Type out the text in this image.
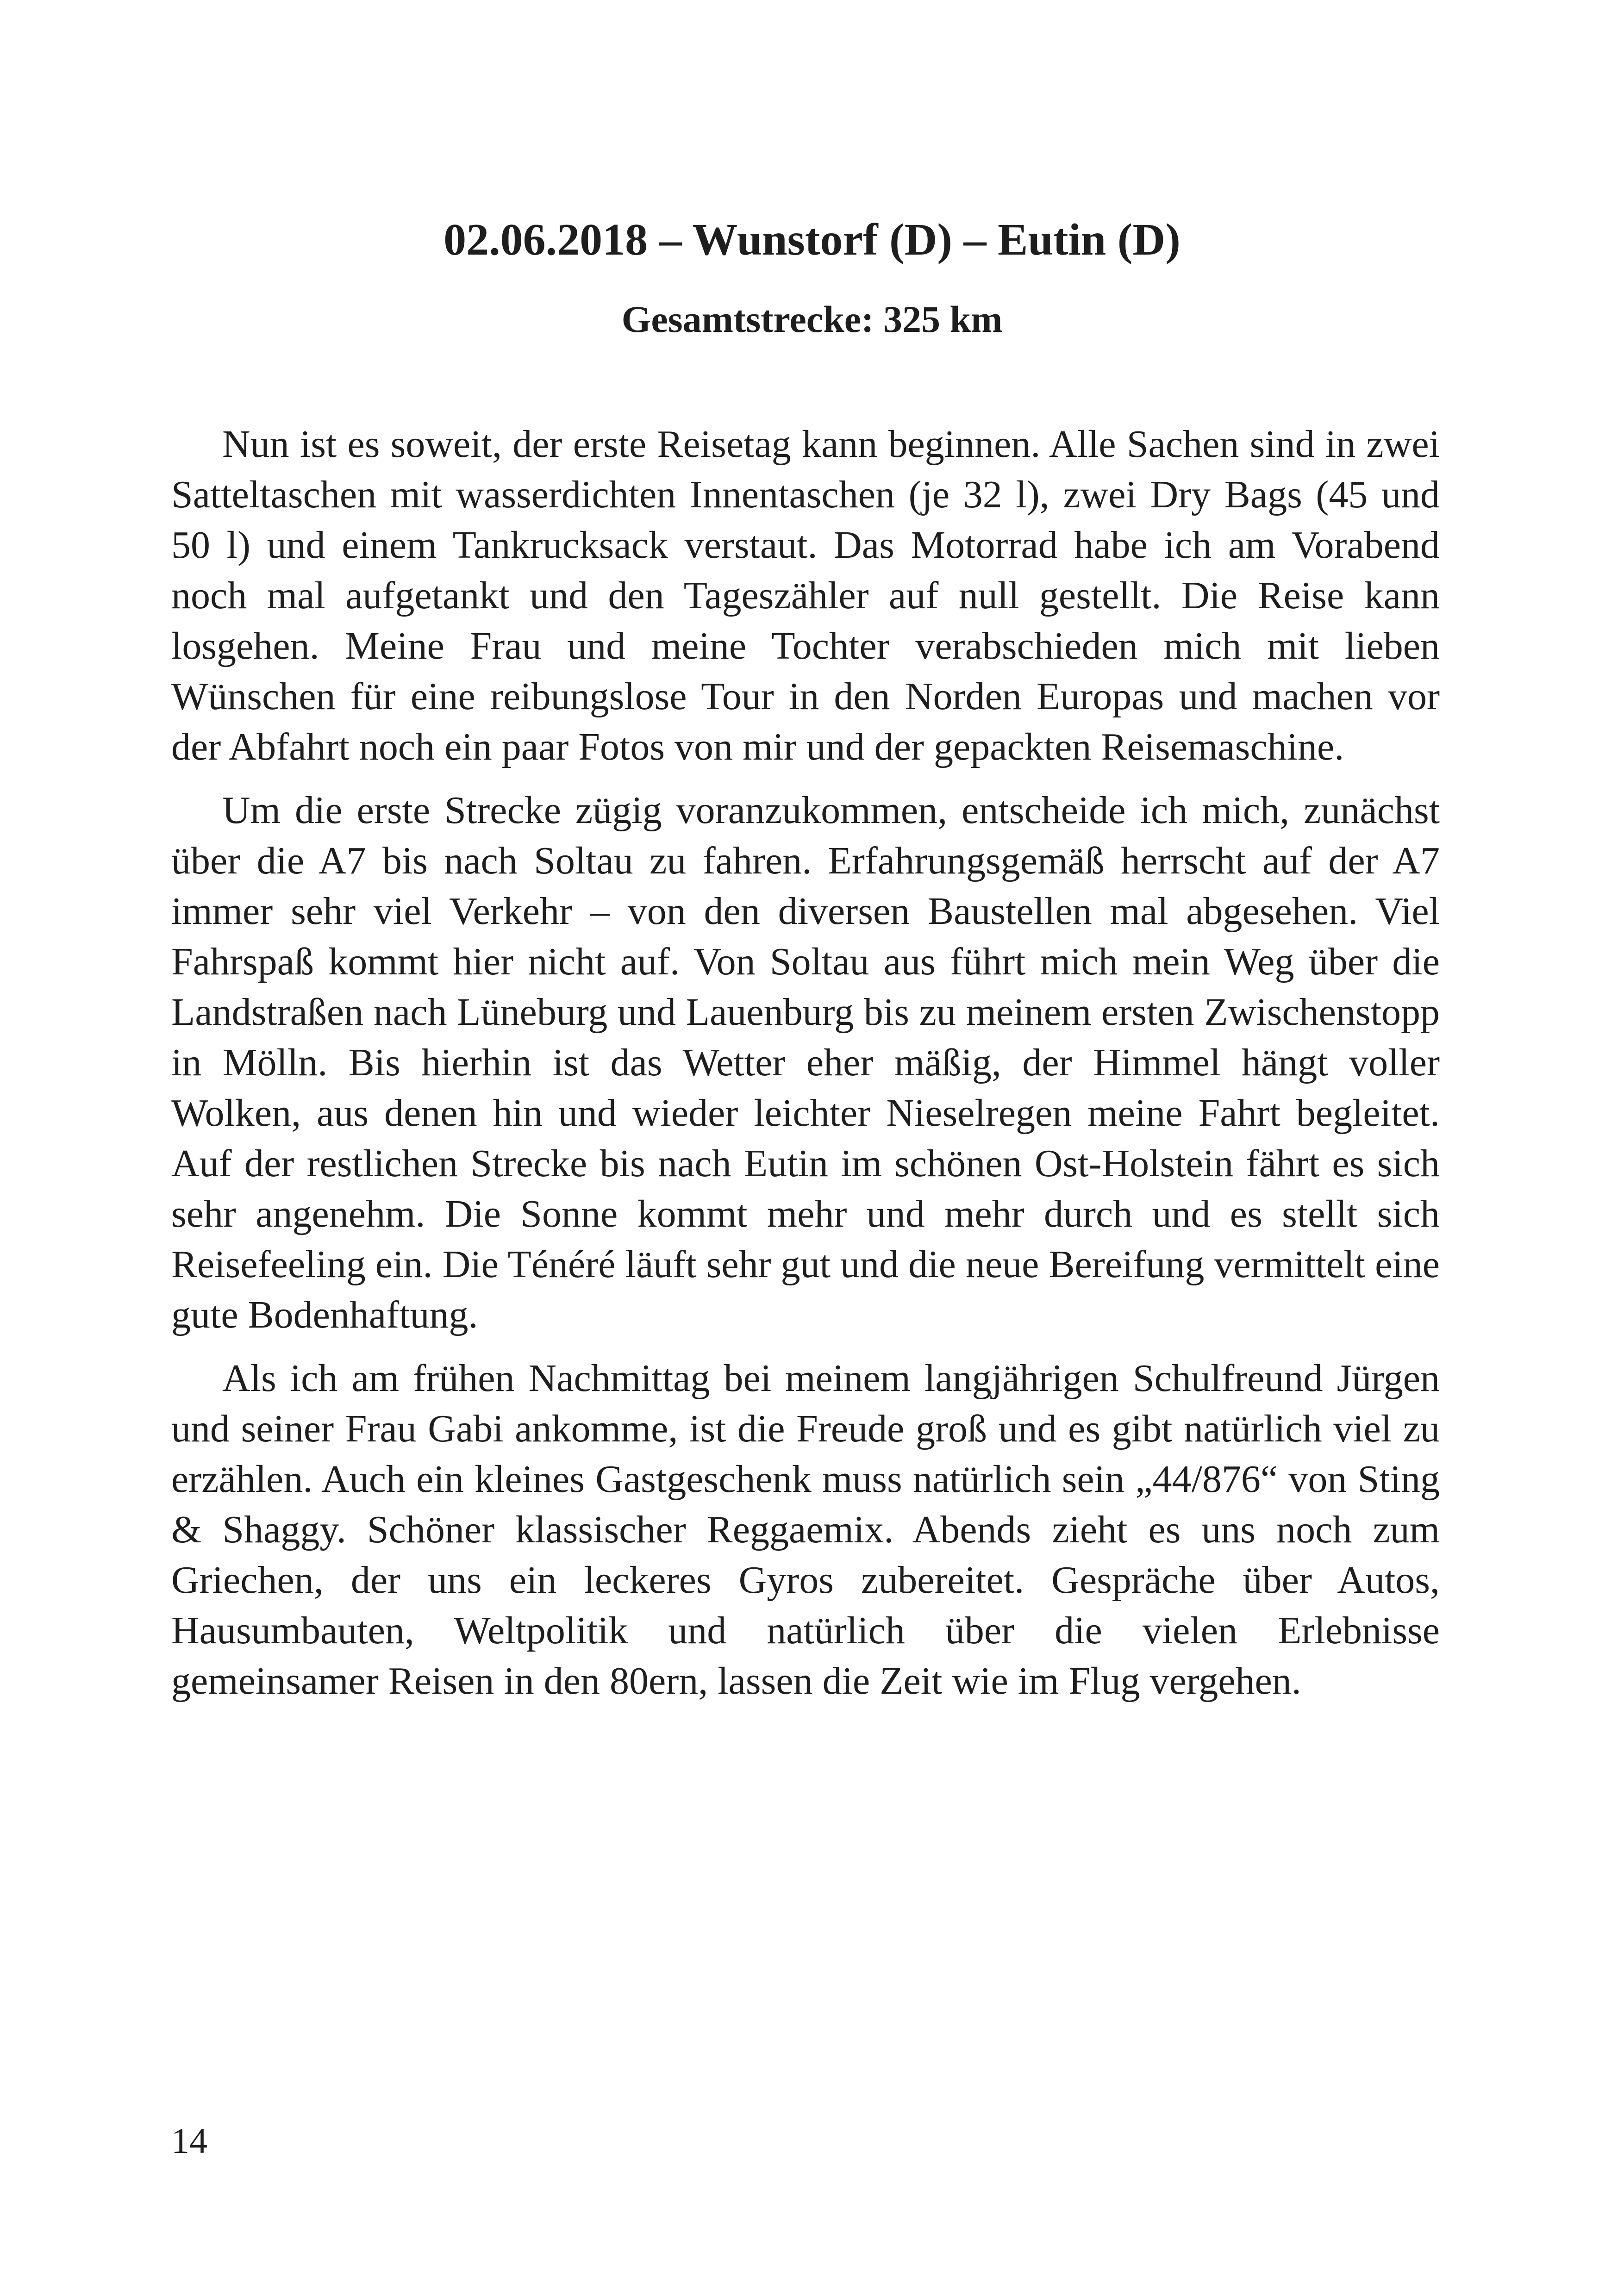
02.06.2018 – Wunstorf (D) – Eutin (D)
Gesamtstrecke: 325 km

Nun ist es soweit, der erste Reisetag kann beginnen. Alle Sachen sind in zwei Satteltaschen mit wasserdichten Innentaschen (je 32 l), zwei Dry Bags (45 und 50 l) und einem Tankrucksack verstaut. Das Motorrad habe ich am Vorabend noch mal aufgetankt und den Tageszähler auf null gestellt. Die Reise kann losgehen. Meine Frau und meine Tochter verabschieden mich mit lieben Wünschen für eine reibungslose Tour in den Norden Europas und machen vor der Abfahrt noch ein paar Fotos von mir und der gepackten Reisemaschine.

Um die erste Strecke zügig voranzukommen, entscheide ich mich, zunächst über die A7 bis nach Soltau zu fahren. Erfahrungsgemäß herrscht auf der A7 immer sehr viel Verkehr – von den diversen Baustellen mal abgesehen. Viel Fahrspaß kommt hier nicht auf. Von Soltau aus führt mich mein Weg über die Landstraßen nach Lüneburg und Lauenburg bis zu meinem ersten Zwischenstopp in Mölln. Bis hierhin ist das Wetter eher mäßig, der Himmel hängt voller Wolken, aus denen hin und wieder leichter Nieselregen meine Fahrt begleitet. Auf der restlichen Strecke bis nach Eutin im schönen Ost-Holstein fährt es sich sehr angenehm. Die Sonne kommt mehr und mehr durch und es stellt sich Reisefeeling ein. Die Ténéré läuft sehr gut und die neue Bereifung vermittelt eine gute Bodenhaftung.

Als ich am frühen Nachmittag bei meinem langjährigen Schulfreund Jürgen und seiner Frau Gabi ankomme, ist die Freude groß und es gibt natürlich viel zu erzählen. Auch ein kleines Gastgeschenk muss natürlich sein „44/876“ von Sting & Shaggy. Schöner klassischer Reggaemix. Abends zieht es uns noch zum Griechen, der uns ein leckeres Gyros zubereitet. Gespräche über Autos, Hausumbauten, Weltpolitik und natürlich über die vielen Erlebnisse gemeinsamer Reisen in den 80ern, lassen die Zeit wie im Flug vergehen.

14
